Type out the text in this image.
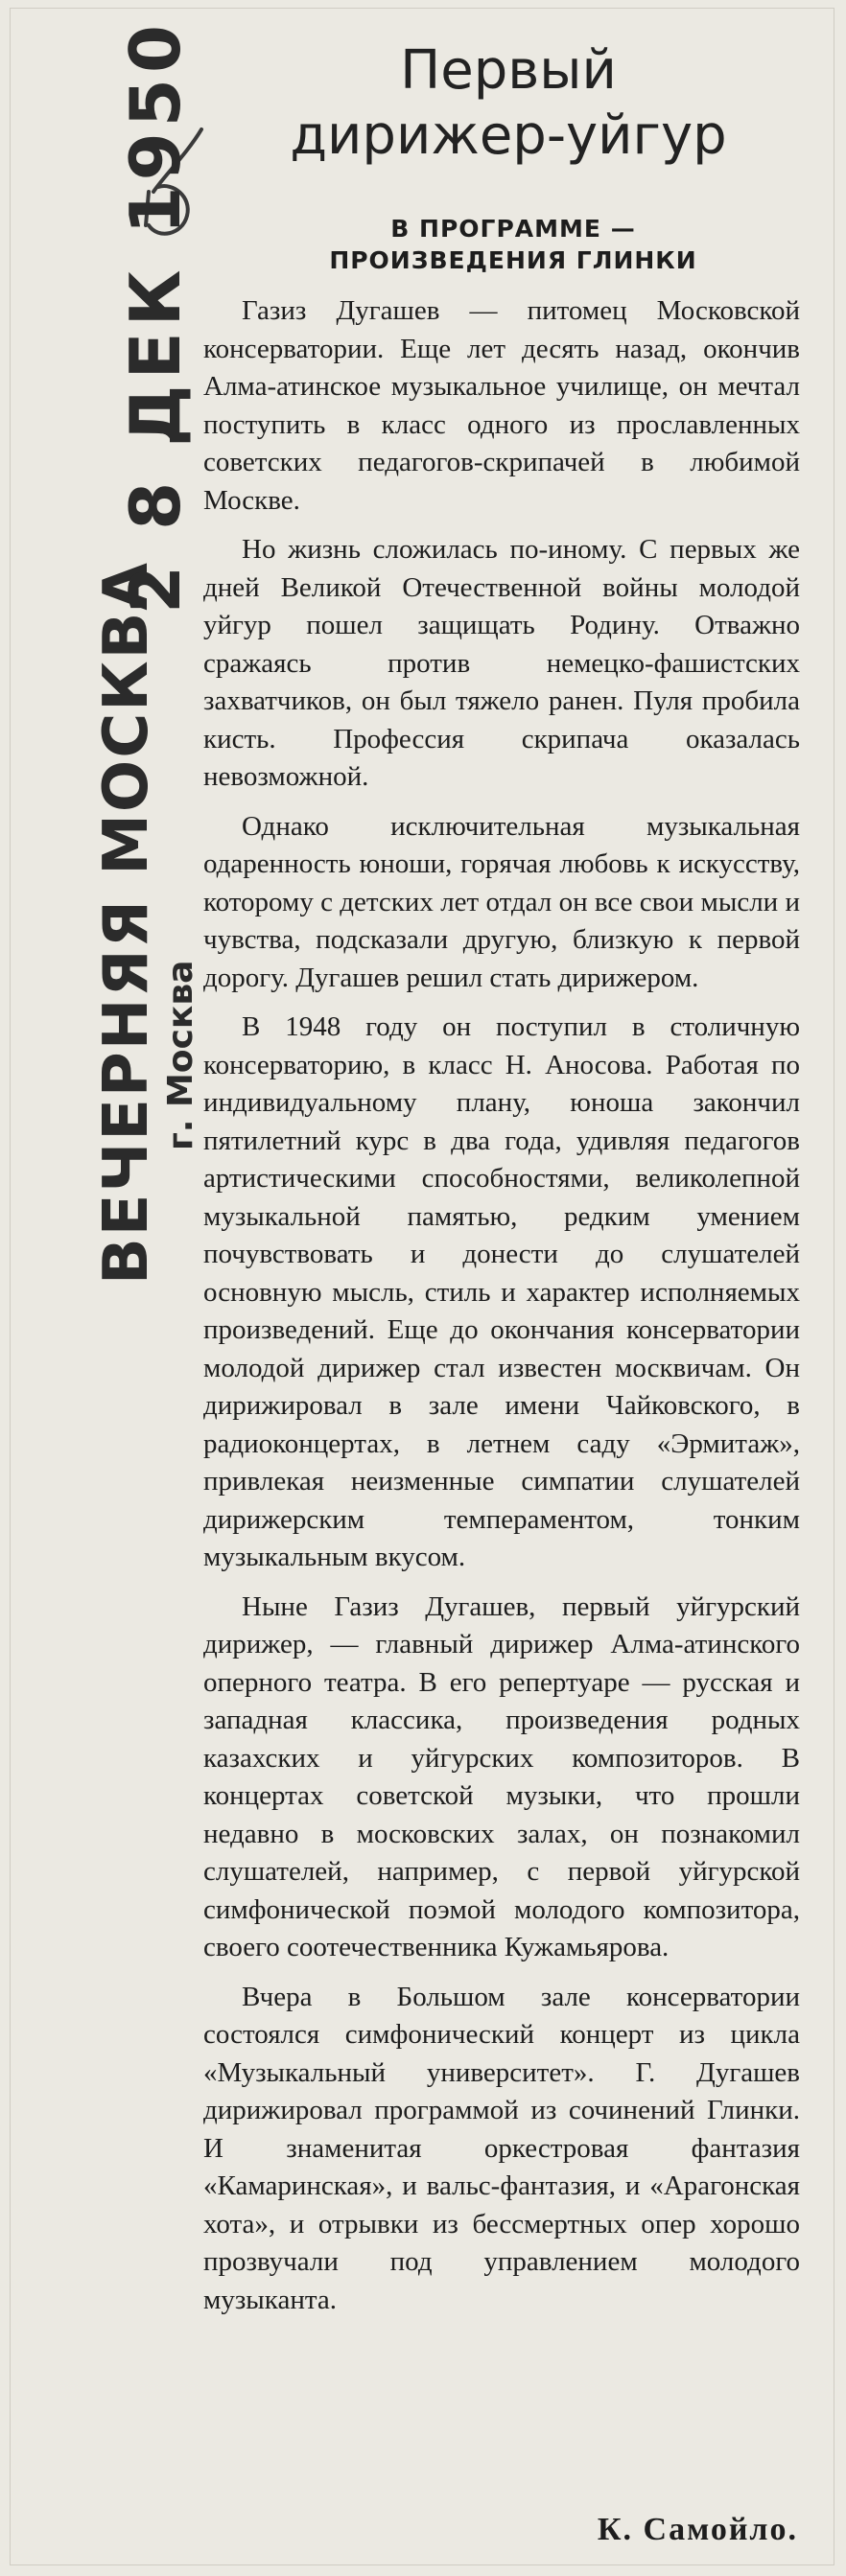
ВЕЧЕРНЯЯ МОСКВА г. Москва
2 8 ДЕК 1950	Первый
дирижер-уйгур
В ПРОГРАММЕ —
ПРОИЗВЕДЕНИЯ ГЛИНКИ

Газиз Дугашев — питомец Московской консерватории. Еще лет десять назад, окончив Алма-атинское музыкальное училище, он мечтал поступить в класс одного из прославленных советских педагогов-скрипачей в любимой Москве.

Но жизнь сложилась по-иному. С первых же дней Великой Отечественной войны молодой уйгур пошел защищать Родину. Отважно сражаясь против немецко-фашистских захватчиков, он был тяжело ранен. Пуля пробила кисть. Профессия скрипача оказалась невозможной.

Однако исключительная музыкальная одаренность юноши, горячая любовь к искусству, которому с детских лет отдал он все свои мысли и чувства, подсказали другую, близкую к первой дорогу. Дугашев решил стать дирижером.

В 1948 году он поступил в столичную консерваторию, в класс Н. Аносова. Работая по индивидуальному плану, юноша закончил пятилетний курс в два года, удивляя педагогов артистическими способностями, великолепной музыкальной памятью, редким умением почувствовать и донести до слушателей основную мысль, стиль и характер исполняемых произведений. Еще до окончания консерватории молодой дирижер стал известен москвичам. Он дирижировал в зале имени Чайковского, в радиоконцертах, в летнем саду «Эрмитаж», привлекая неизменные симпатии слушателей дирижерским темпераментом, тонким музыкальным вкусом.

Ныне Газиз Дугашев, первый уйгурский дирижер, — главный дирижер Алма-атинского оперного театра. В его репертуаре — русская и западная классика, произведения родных казахских и уйгурских композиторов. В концертах советской музыки, что прошли недавно в московских залах, он познакомил слушателей, например, с первой уйгурской симфонической поэмой молодого композитора, своего соотечественника Кужамьярова.

Вчера в Большом зале консерватории состоялся симфонический концерт из цикла «Музыкальный университет». Г. Дугашев дирижировал программой из сочинений Глинки. И знаменитая оркестровая фантазия «Камаринская», и вальс-фантазия, и «Арагонская хота», и отрывки из бессмертных опер хорошо прозвучали под управлением молодого музыканта.

К. Самойло.
